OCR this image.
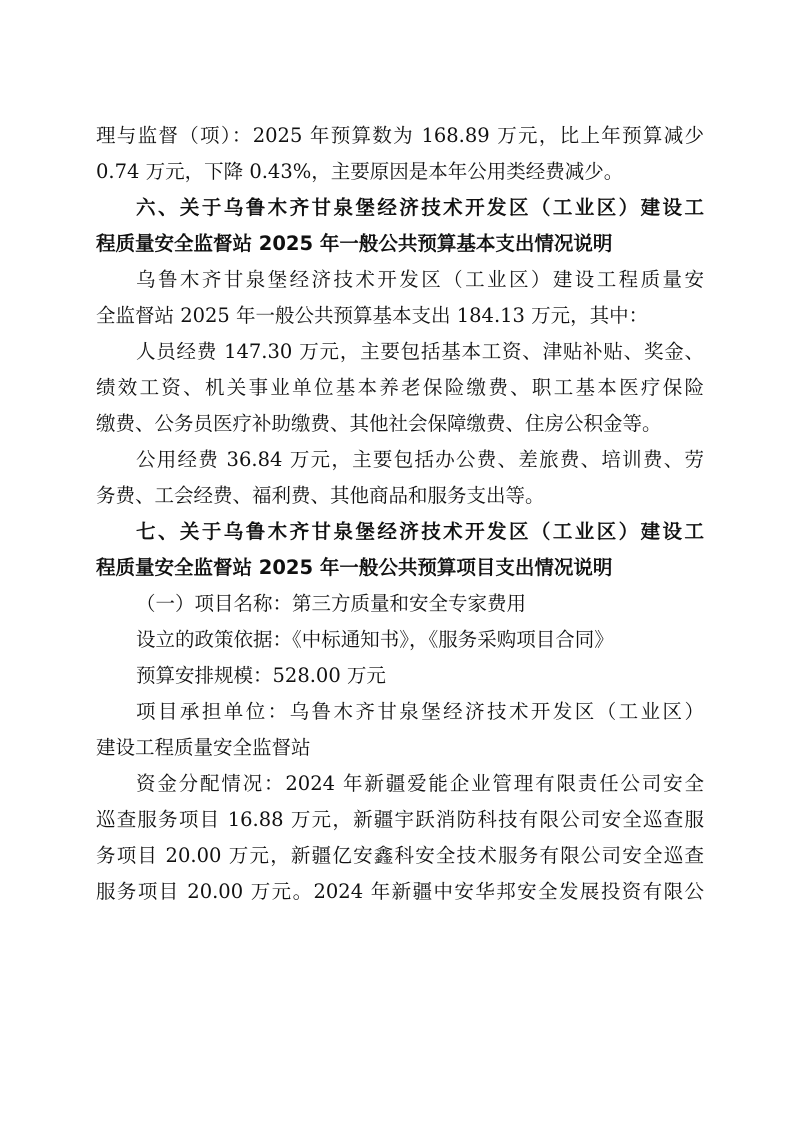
理与监督（项）：2025 年预算数为 168.89 万元，比上年预算减少
0.74 万元，下降 0.43%，主要原因是本年公用类经费减少。
六、关于乌鲁木齐甘泉堡经济技术开发区（工业区）建设工
程质量安全监督站 2025 年一般公共预算基本支出情况说明
乌鲁木齐甘泉堡经济技术开发区（工业区）建设工程质量安
全监督站 2025 年一般公共预算基本支出 184.13 万元，其中：
人员经费 147.30 万元，主要包括基本工资、津贴补贴、奖金、
绩效工资、机关事业单位基本养老保险缴费、职工基本医疗保险
缴费、公务员医疗补助缴费、其他社会保障缴费、住房公积金等。
公用经费 36.84 万元，主要包括办公费、差旅费、培训费、劳
务费、工会经费、福利费、其他商品和服务支出等。
七、关于乌鲁木齐甘泉堡经济技术开发区（工业区）建设工
程质量安全监督站 2025 年一般公共预算项目支出情况说明
（一）项目名称：第三方质量和安全专家费用
设立的政策依据：《中标通知书》，《服务采购项目合同》
预算安排规模：528.00 万元
项目承担单位：乌鲁木齐甘泉堡经济技术开发区（工业区）
建设工程质量安全监督站
资金分配情况：2024 年新疆爱能企业管理有限责任公司安全
巡查服务项目 16.88 万元，新疆宇跃消防科技有限公司安全巡查服
务项目 20.00 万元，新疆亿安鑫科安全技术服务有限公司安全巡查
服务项目 20.00 万元。2024 年新疆中安华邦安全发展投资有限公
